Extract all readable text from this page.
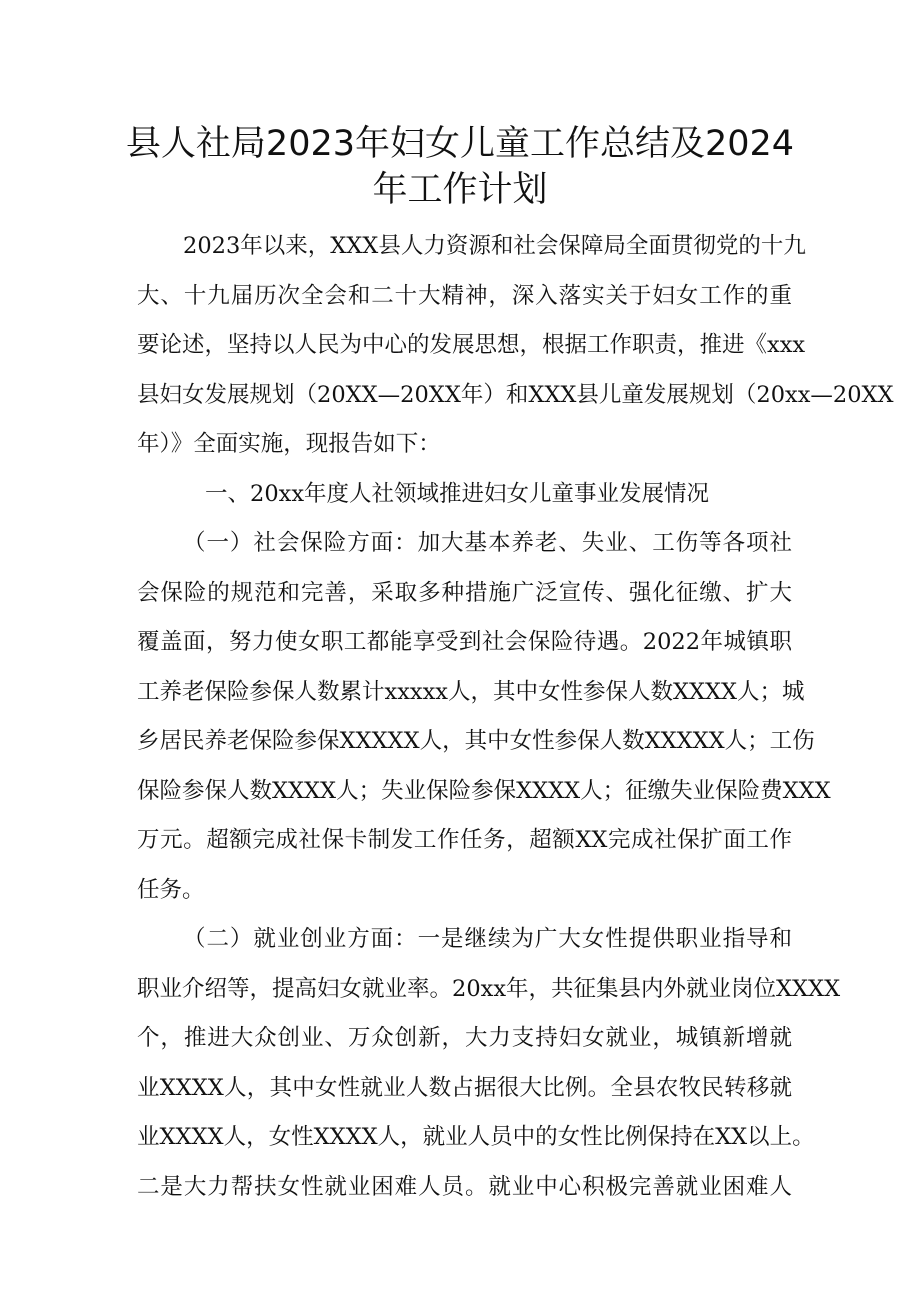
县人社局2023年妇女儿童工作总结及2024
年工作计划
2023年以来，XXX县人力资源和社会保障局全面贯彻党的十九
大、十九届历次全会和二十大精神，深入落实关于妇女工作的重
要论述，坚持以人民为中心的发展思想，根据工作职责，推进《xxx
县妇女发展规划（20XX—20XX年）和XXX县儿童发展规划（20xx—20XX
年）》全面实施，现报告如下：
一、20xx年度人社领域推进妇女儿童事业发展情况
（一）社会保险方面：加大基本养老、失业、工伤等各项社
会保险的规范和完善，采取多种措施广泛宣传、强化征缴、扩大
覆盖面，努力使女职工都能享受到社会保险待遇。2022年城镇职
工养老保险参保人数累计xxxxx人，其中女性参保人数XXXX人；城
乡居民养老保险参保XXXXX人，其中女性参保人数XXXXX人；工伤
保险参保人数XXXX人；失业保险参保XXXX人；征缴失业保险费XXX
万元。超额完成社保卡制发工作任务，超额XX完成社保扩面工作
任务。
（二）就业创业方面：一是继续为广大女性提供职业指导和
职业介绍等，提高妇女就业率。20xx年，共征集县内外就业岗位XXXX
个，推进大众创业、万众创新，大力支持妇女就业，城镇新增就
业XXXX人，其中女性就业人数占据很大比例。全县农牧民转移就
业XXXX人，女性XXXX人，就业人员中的女性比例保持在XX以上。
二是大力帮扶女性就业困难人员。就业中心积极完善就业困难人
